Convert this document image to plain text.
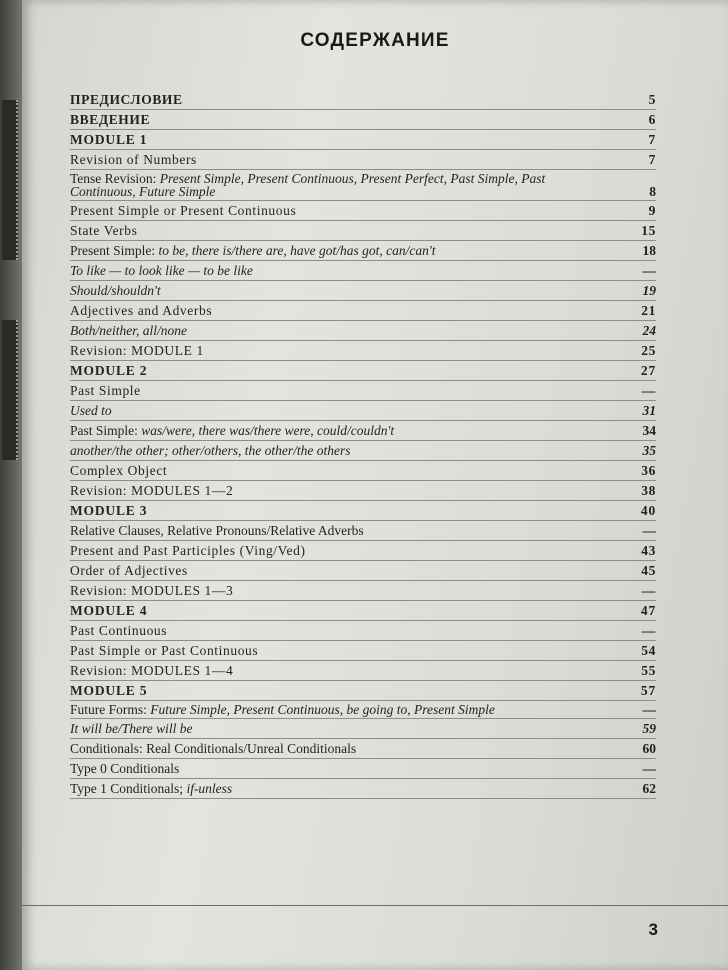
СОДЕРЖАНИЕ
ПРЕДИСЛОВИЕ	5
ВВЕДЕНИЕ	6
MODULE 1	7
Revision of Numbers	7
Tense Revision: Present Simple, Present Continuous, Present Perfect, Past Simple, Past Continuous, Future Simple	8
Present Simple or Present Continuous	9
State Verbs	15
Present Simple: to be, there is/there are, have got/has got, can/can't	18
To like — to look like — to be like	—
Should/shouldn't	19
Adjectives and Adverbs	21
Both/neither, all/none	24
Revision: MODULE 1	25
MODULE 2	27
Past Simple	—
Used to	31
Past Simple: was/were, there was/there were, could/couldn't	34
another/the other; other/others, the other/the others	35
Complex Object	36
Revision: MODULES 1—2	38
MODULE 3	40
Relative Clauses, Relative Pronouns/Relative Adverbs	—
Present and Past Participles (Ving/Ved)	43
Order of Adjectives	45
Revision: MODULES 1—3	—
MODULE 4	47
Past Continuous	—
Past Simple or Past Continuous	54
Revision: MODULES 1—4	55
MODULE 5	57
Future Forms: Future Simple, Present Continuous, be going to, Present Simple	—
It will be/There will be	59
Conditionals: Real Conditionals/Unreal Conditionals	60
Type 0 Conditionals	—
Type 1 Conditionals; if-unless	62
3
